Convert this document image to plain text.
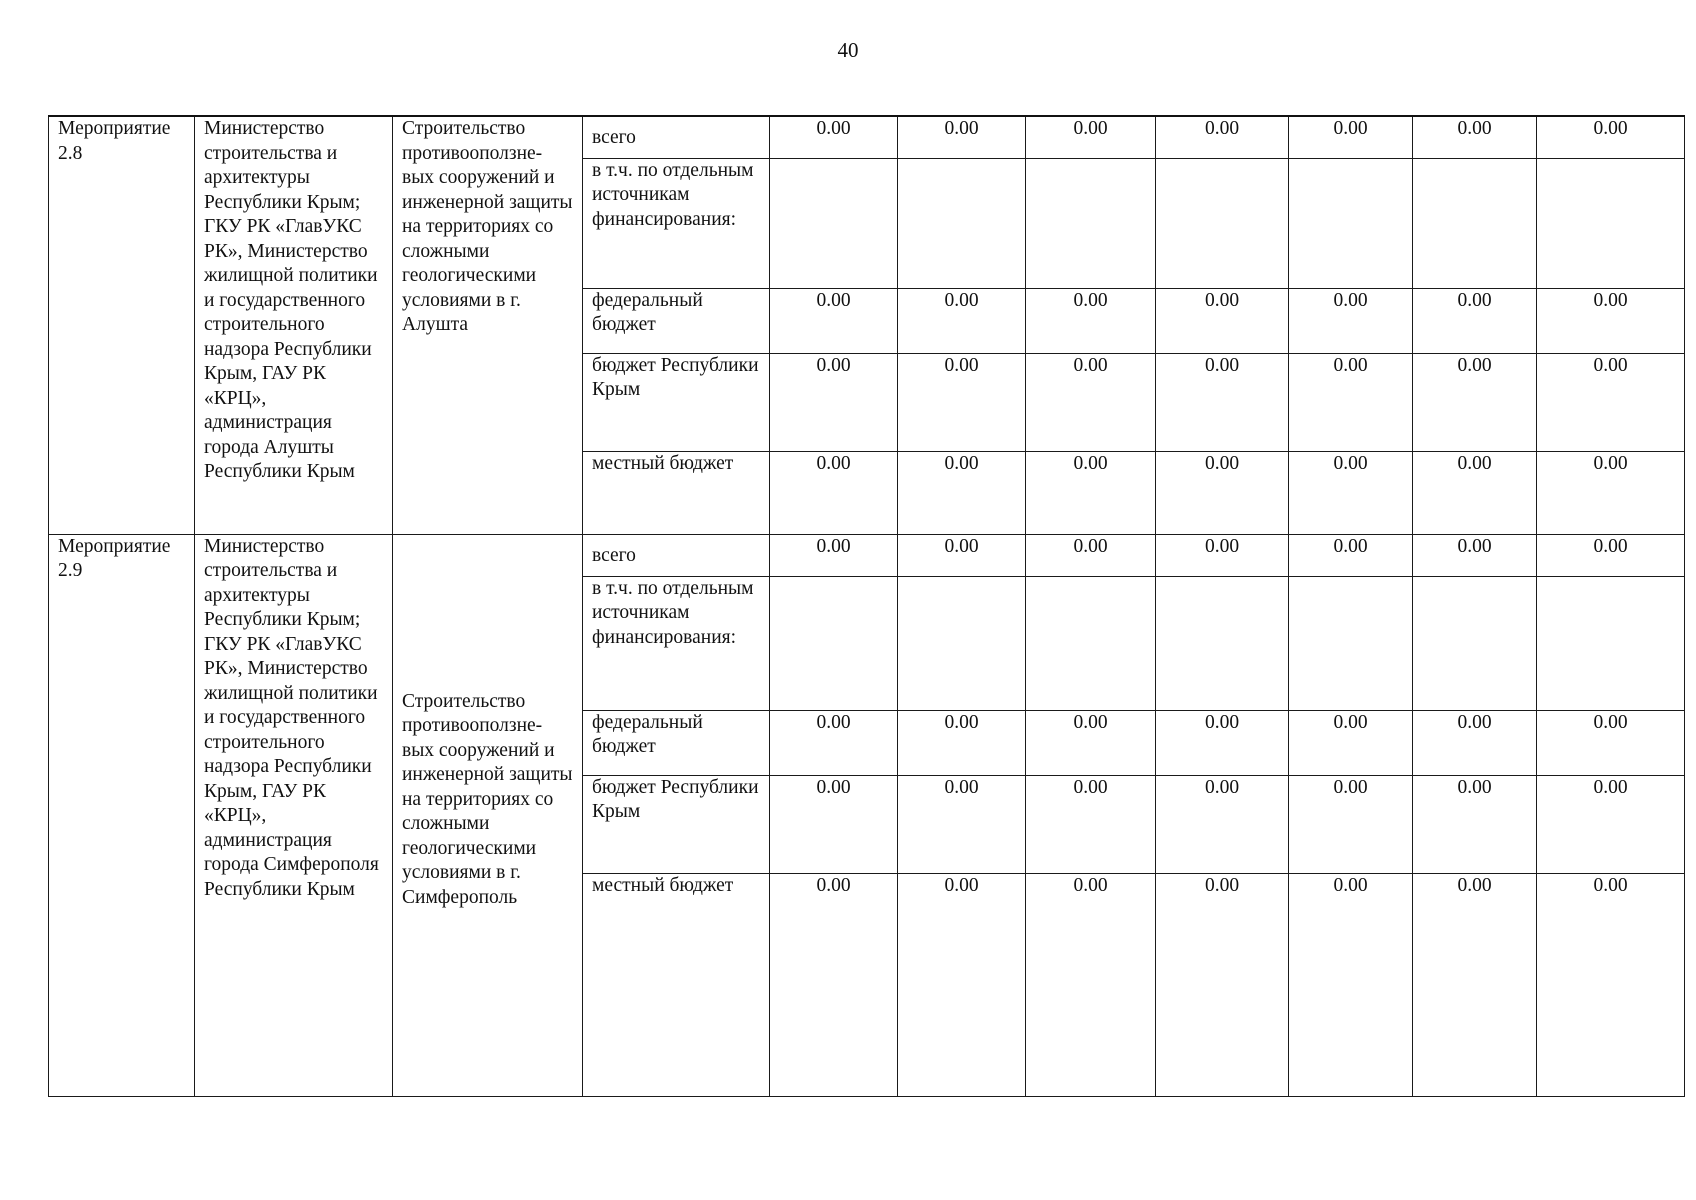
40
Мероприятие 2.8	Министерство строительства и архитектуры Республики Крым; ГКУ РК «ГлавУКС РК», Министерство жилищной политики и государственного строительного надзора Республики Крым, ГАУ РК «КРЦ», администрация города Алушты Республики Крым	Строительство противооползне-вых сооружений и инженерной защиты на территориях со сложными геологическими условиями в г. Алушта	всего	0.00	0.00	0.00	0.00	0.00	0.00	0.00
			в т.ч. по отдельным источникам финансирования:							
			федеральный бюджет	0.00	0.00	0.00	0.00	0.00	0.00	0.00
			бюджет Республики Крым	0.00	0.00	0.00	0.00	0.00	0.00	0.00
			местный бюджет	0.00	0.00	0.00	0.00	0.00	0.00	0.00
Мероприятие 2.9	Министерство строительства и архитектуры Республики Крым; ГКУ РК «ГлавУКС РК», Министерство жилищной политики и государственного строительного надзора Республики Крым, ГАУ РК «КРЦ», администрация города Симферополя Республики Крым	Строительство противооползне-вых сооружений и инженерной защиты на территориях со сложными геологическими условиями в г. Симферополь	всего	0.00	0.00	0.00	0.00	0.00	0.00	0.00
			в т.ч. по отдельным источникам финансирования:							
			федеральный бюджет	0.00	0.00	0.00	0.00	0.00	0.00	0.00
			бюджет Республики Крым	0.00	0.00	0.00	0.00	0.00	0.00	0.00
			местный бюджет	0.00	0.00	0.00	0.00	0.00	0.00	0.00
